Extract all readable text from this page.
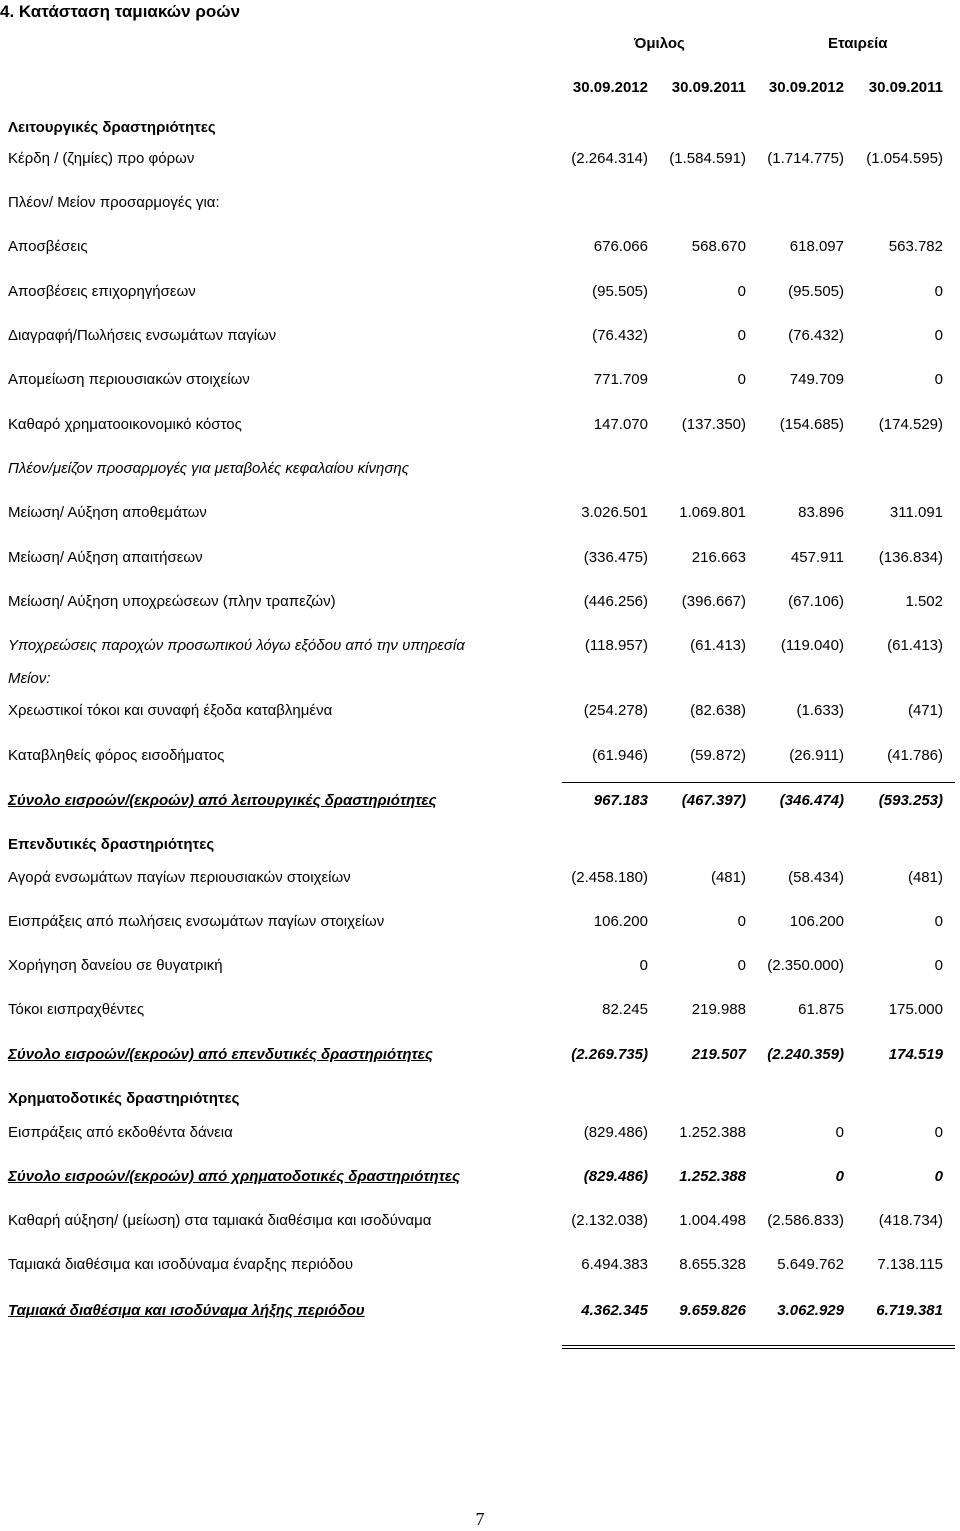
4. Κατάσταση ταμιακών ροών
Όμιλος	Εταιρεία
30.09.2012	30.09.2011	30.09.2012	30.09.2011
Λειτουργικές δραστηριότητες
Κέρδη / (ζημίες) προ φόρων	(2.264.314)	(1.584.591)	(1.714.775)	(1.054.595)
Πλέον/ Μείον προσαρμογές για:
Αποσβέσεις	676.066	568.670	618.097	563.782
Αποσβέσεις επιχορηγήσεων	(95.505)	0	(95.505)	0
Διαγραφή/Πωλήσεις ενσωμάτων παγίων	(76.432)	0	(76.432)	0
Απομείωση περιουσιακών στοιχείων	771.709	0	749.709	0
Καθαρό χρηματοοικονομικό κόστος	147.070	(137.350)	(154.685)	(174.529)
Πλέον/μείζον προσαρμογές για μεταβολές κεφαλαίου κίνησης
Μείωση/ Αύξηση αποθεμάτων	3.026.501	1.069.801	83.896	311.091
Μείωση/ Αύξηση απαιτήσεων	(336.475)	216.663	457.911	(136.834)
Μείωση/ Αύξηση υποχρεώσεων (πλην τραπεζών)	(446.256)	(396.667)	(67.106)	1.502
Υποχρεώσεις παροχών προσωπικού λόγω εξόδου από την υπηρεσία	(118.957)	(61.413)	(119.040)	(61.413)
Μείον:
Χρεωστικοί τόκοι και συναφή έξοδα καταβλημένα	(254.278)	(82.638)	(1.633)	(471)
Καταβληθείς φόρος εισοδήματος	(61.946)	(59.872)	(26.911)	(41.786)
Σύνολο εισροών/(εκροών) από λειτουργικές δραστηριότητες	967.183	(467.397)	(346.474)	(593.253)
Επενδυτικές δραστηριότητες
Αγορά ενσωμάτων παγίων περιουσιακών στοιχείων	(2.458.180)	(481)	(58.434)	(481)
Εισπράξεις από πωλήσεις ενσωμάτων παγίων στοιχείων	106.200	0	106.200	0
Χορήγηση δανείου σε θυγατρική	0	0	(2.350.000)	0
Τόκοι εισπραχθέντες	82.245	219.988	61.875	175.000
Σύνολο εισροών/(εκροών) από επενδυτικές δραστηριότητες	(2.269.735)	219.507	(2.240.359)	174.519
Χρηματοδοτικές δραστηριότητες
Εισπράξεις από εκδοθέντα δάνεια	(829.486)	1.252.388	0	0
Σύνολο εισροών/(εκροών) από χρηματοδοτικές δραστηριότητες	(829.486)	1.252.388	0	0
Καθαρή αύξηση/ (μείωση) στα ταμιακά διαθέσιμα και ισοδύναμα	(2.132.038)	1.004.498	(2.586.833)	(418.734)
Ταμιακά διαθέσιμα και ισοδύναμα έναρξης περιόδου	6.494.383	8.655.328	5.649.762	7.138.115
Ταμιακά διαθέσιμα και ισοδύναμα λήξης περιόδου	4.362.345	9.659.826	3.062.929	6.719.381
7
